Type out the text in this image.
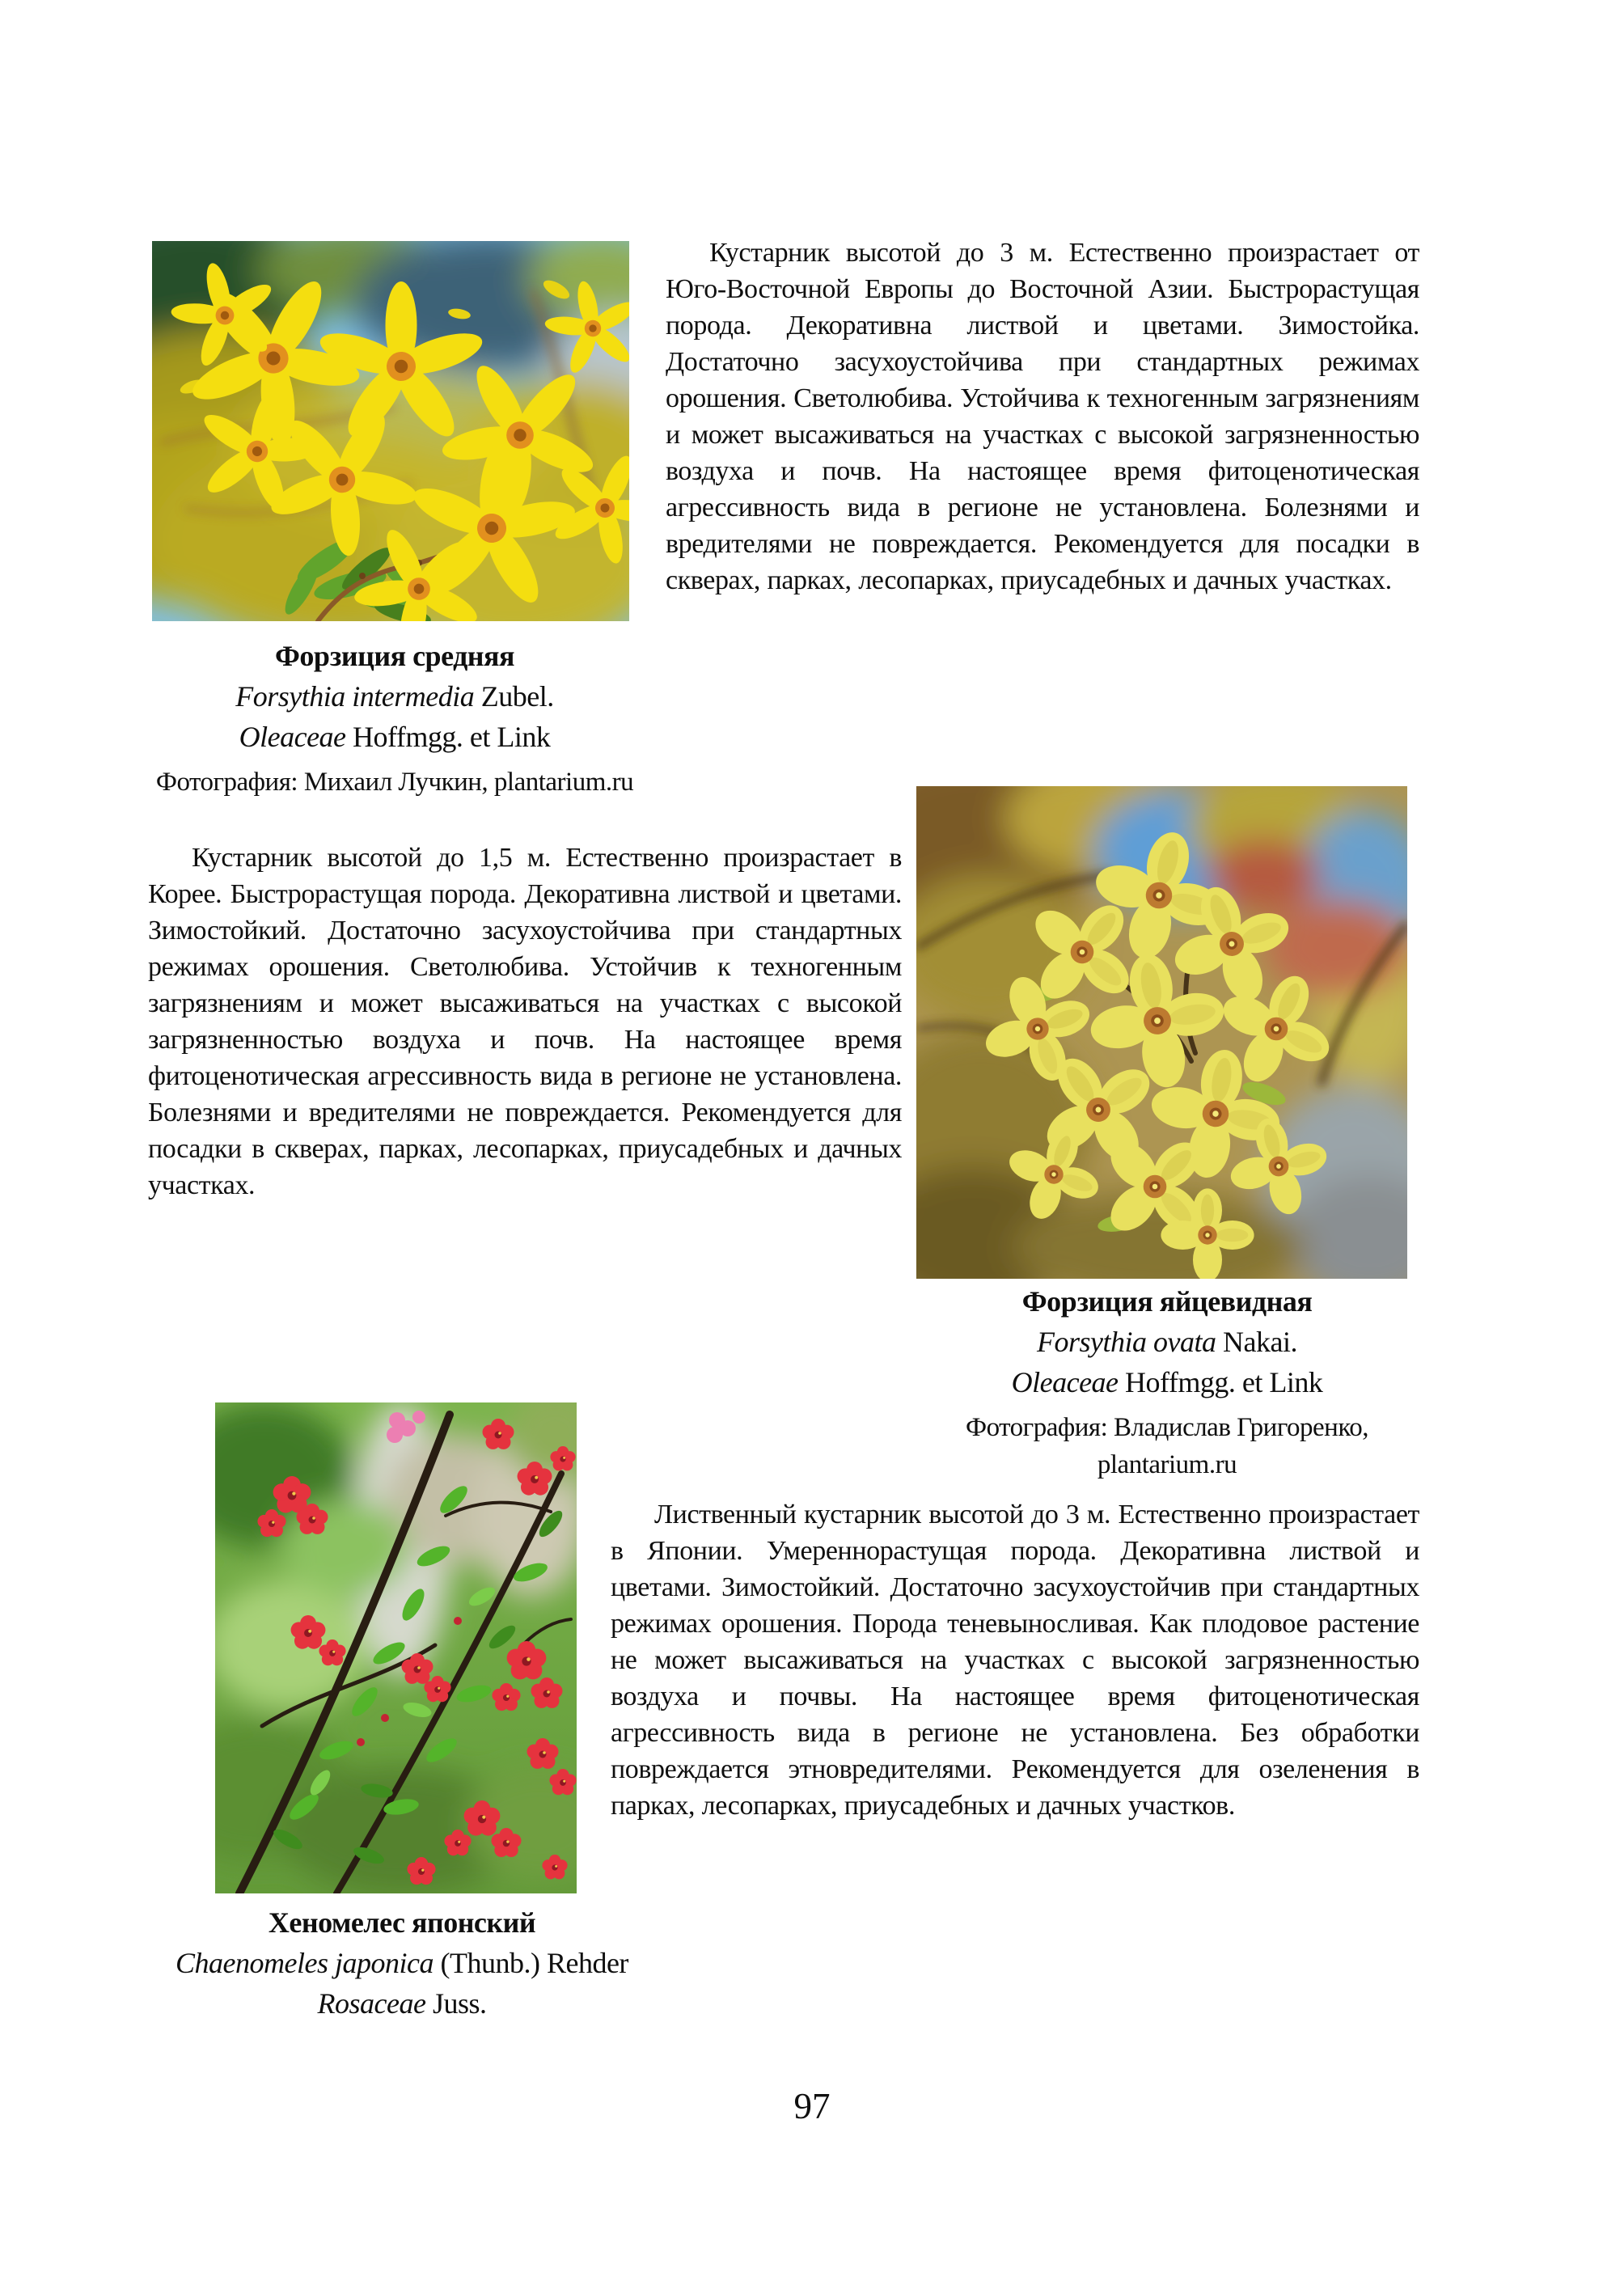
Кустарник высотой до 3 м. Естественно произрастает от Юго-Восточной Европы до Восточной Азии. Быстрорастущая порода. Декоративна листвой и цветами. Зимостойка. Достаточно засухоустойчива при стандартных режимах орошения. Светолюбива. Устойчива к техногенным загрязнениям и может высаживаться на участках с высокой загрязненностью воздуха и почв. На настоящее время фитоценотическая агрессивность вида в регионе не установлена. Болезнями и вредителями не повреждается. Рекомендуется для посадки в скверах, парках, лесопарках, приусадебных и дачных участках.
Форзиция средняя
Forsythia intermedia Zubel.
Oleaceae Hoffmgg. et Link
Фотография: Михаил Лучкин, plantarium.ru
Кустарник высотой до 1,5 м. Естественно произрастает в Корее. Быстрорастущая порода. Декоративна листвой и цветами. Зимостойкий. Достаточно засухоустойчива при стандартных режимах орошения. Светолюбива. Устойчив к техногенным загрязнениям и может высаживаться на участках с высокой загрязненностью воздуха и почв. На настоящее время фитоценотическая агрессивность вида в регионе не установлена. Болезнями и вредителями не повреждается. Рекомендуется для посадки в скверах, парках, лесопарках, приусадебных и дачных участках.
Форзиция яйцевидная
Forsythia ovata Nakai.
Oleaceae Hoffmgg. et Link
Фотография: Владислав Григоренко,
plantarium.ru
Лиственный кустарник высотой до 3 м. Естественно произрастает в Японии. Умереннорастущая порода. Декоративна листвой и цветами. Зимостойкий. Достаточно засухоустойчив при стандартных режимах орошения. Порода теневыносливая. Как плодовое растение не может высаживаться на участках с высокой загрязненностью воздуха и почвы. На настоящее время фитоценотическая агрессивность вида в регионе не установлена. Без обработки повреждается этновредителями. Рекомендуется для озеленения в парках, лесопарках, приусадебных и дачных участков.
Хеномелес японский
Chaenomeles japonica (Thunb.) Rehder
Rosaceae Juss.
97
